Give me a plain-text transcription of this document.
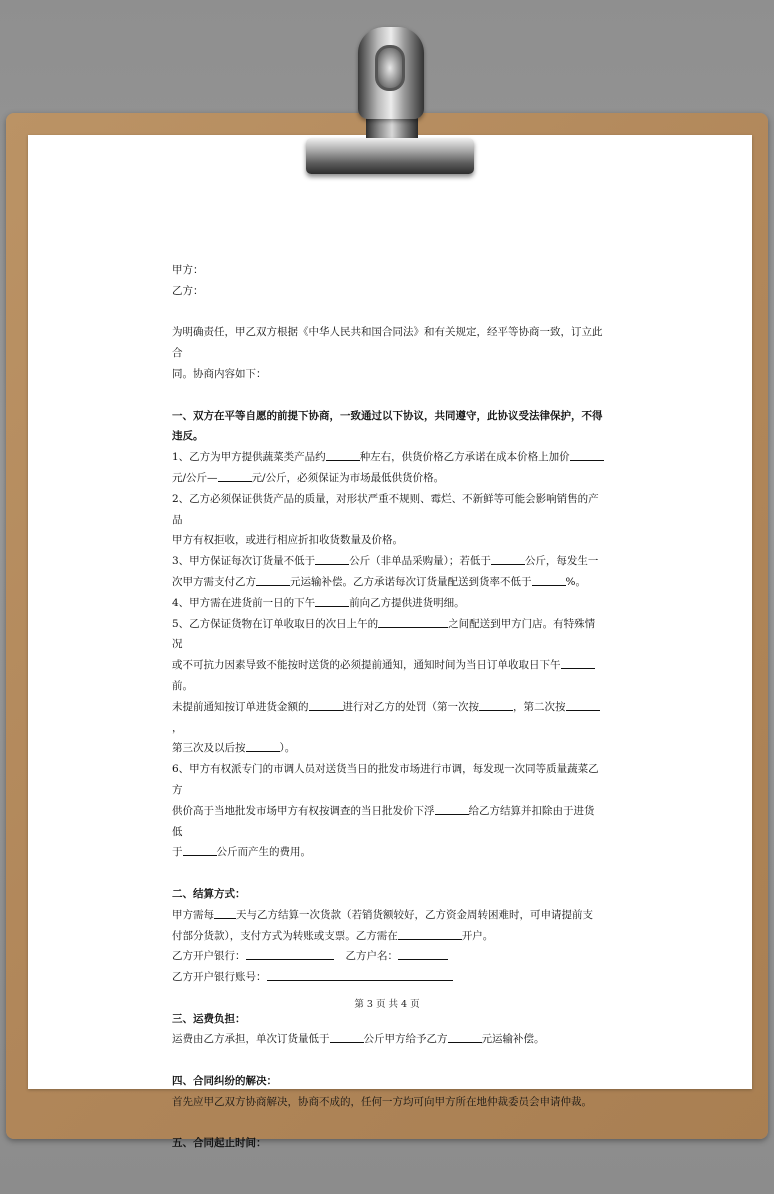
甲方：

乙方：

为明确责任，甲乙双方根据《中华人民共和国合同法》和有关规定，经平等协商一致，订立此合

同。协商内容如下：

一、双方在平等自愿的前提下协商，一致通过以下协议，共同遵守，此协议受法律保护，不得

违反。

1、乙方为甲方提供蔬菜类产品约	种左右，供货价格乙方承诺在成本价格上加价

元/公斤—	元/公斤，必须保证为市场最低供货价格。

2、乙方必须保证供货产品的质量，对形状严重不规则、霉烂、不新鲜等可能会影响销售的产品

甲方有权拒收，或进行相应折扣收货数量及价格。

3、甲方保证每次订货量不低于	公斤（非单品采购量）；若低于	公斤，每发生一

次甲方需支付乙方	元运输补偿。乙方承诺每次订货量配送到货率不低于	%。

4、甲方需在进货前一日的下午	前向乙方提供进货明细。

5、乙方保证货物在订单收取日的次日上午的	之间配送到甲方门店。有特殊情况

或不可抗力因素导致不能按时送货的必须提前通知，通知时间为当日订单收取日下午前。

未提前通知按订单进货金额的	进行对乙方的处罚（第一次按	，第二次按，

第三次及以后按	）。

6、甲方有权派专门的市调人员对送货当日的批发市场进行市调，每发现一次同等质量蔬菜乙方

供价高于当地批发市场甲方有权按调查的当日批发价下浮	给乙方结算并扣除由于进货低

于	公斤而产生的费用。

二、结算方式：

甲方需每 天与乙方结算一次货款（若销货额较好，乙方资金周转困难时，可申请提前支

付部分货款），支付方式为转账或支票。乙方需在	开户。

乙方开户银行：	乙方户名：

乙方开户银行账号：

三、运费负担：

运费由乙方承担，单次订货量低于	公斤甲方给予乙方	元运输补偿。

四、合同纠纷的解决：

首先应甲乙双方协商解决，协商不成的，任何一方均可向甲方所在地仲裁委员会申请仲裁。

五、合同起止时间：

第 3 页 共 4 页
